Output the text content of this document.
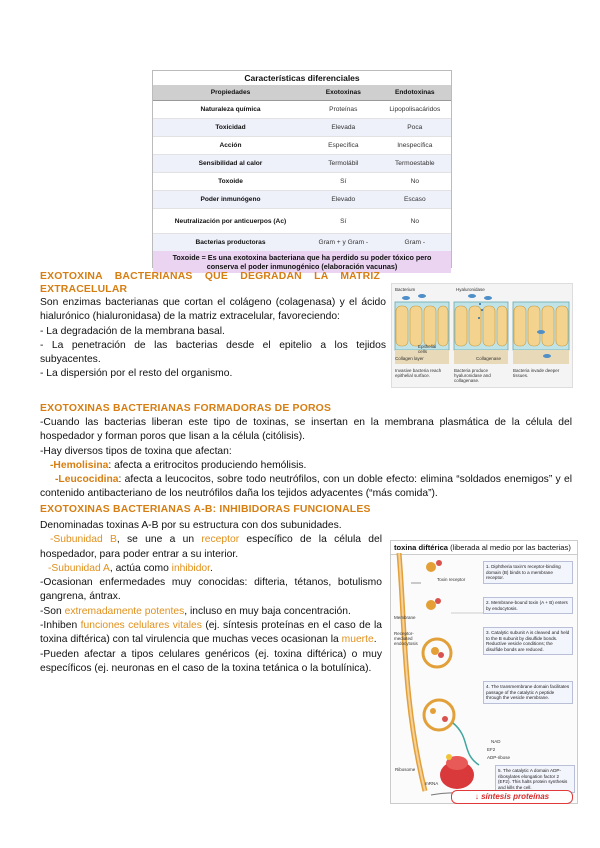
Características diferenciales
Propiedades	Exotoxinas	Endotoxinas
Naturaleza química	Proteínas	Lipopolisacáridos
Toxicidad	Elevada	Poca
Acción	Específica	Inespecífica
Sensibilidad al calor	Termolábil	Termoestable
Toxoide	Sí	No
Poder inmunógeno	Elevado	Escaso
Neutralización por anticuerpos (Ac)	Sí	No
Bacterias productoras	Gram + y Gram -	Gram -
Toxoide = Es una exotoxina bacteriana que ha perdido su poder tóxico pero conserva el poder inmunogénico (elaboración vacunas)
EXOTOXINA BACTERIANAS QUE DEGRADAN LA MATRIZ EXTRACELULAR
Son enzimas bacterianas que cortan el colágeno (colagenasa) y el ácido hialurónico (hialuronidasa) de la matriz extracelular, favoreciendo:
- La degradación de la membrana basal.
- La penetración de las bacterias desde el epitelio a los tejidos subyacentes.
- La dispersión por el resto del organismo.
Bacterium	Hyaluronidase
Epithelial cells
Collagen layer	Collagenase
Invasive bacteria reach epithelial surface.
Bacteria produce hyaluronidase and collagenase.
Bacteria invade deeper tissues.
EXOTOXINAS BACTERIANAS FORMADORAS DE POROS
-Cuando las bacterias liberan este tipo de toxinas, se insertan en la membrana plasmática de la célula del hospedador y forman poros que lisan a la célula (citólisis).
-Hay diversos tipos de toxina que afectan:
-Hemolisina: afecta a eritrocitos produciendo hemólisis.
-Leucocidina: afecta a leucocitos, sobre todo neutrófilos, con un doble efecto: elimina “soldados enemigos” y el contenido antibacteriano de los neutrófilos daña los tejidos adyacentes (“más comida”).
EXOTOXINAS BACTERIANAS A-B: INHIBIDORAS FUNCIONALES
Denominadas toxinas A-B por su estructura con dos subunidades.
-Subunidad B, se une a un receptor específico de la célula del hospedador, para poder entrar a su interior.
-Subunidad A, actúa como inhibidor.
-Ocasionan enfermedades muy conocidas: difteria, tétanos, botulismo gangrena, ántrax.
-Son extremadamente potentes, incluso en muy baja concentración.
-Inhiben funciones celulares vitales (ej. síntesis proteínas en el caso de la toxina diftérica) con tal virulencia que muchas veces ocasionan la muerte.
-Pueden afectar a tipos celulares genéricos (ej. toxina diftérica) o muy específicos (ej. neuronas en el caso de la toxina tetánica o la botulínica).
toxina diftérica (liberada al medio por las bacterias)
Toxin receptor
Membrane
Receptor-mediated endocytosis
Ribosome
mRNA
NAD
EF2
ADP-ribose
1. Diphtheria toxin's receptor-binding domain (B) binds to a membrane receptor.
2. Membrane-bound toxin (A + B) enters by endocytosis.
3. Catalytic subunit A is cleaved and held to the B subunit by disulfide bonds. Reductive vesicle conditions; the disulfide bonds are reduced.
4. The transmembrane domain facilitates passage of the catalytic A peptide through the vesicle membrane.
5. The catalytic A domain ADP-ribosylates elongation factor 2 (EF2). This halts protein synthesis and kills the cell.
↓ síntesis proteínas
